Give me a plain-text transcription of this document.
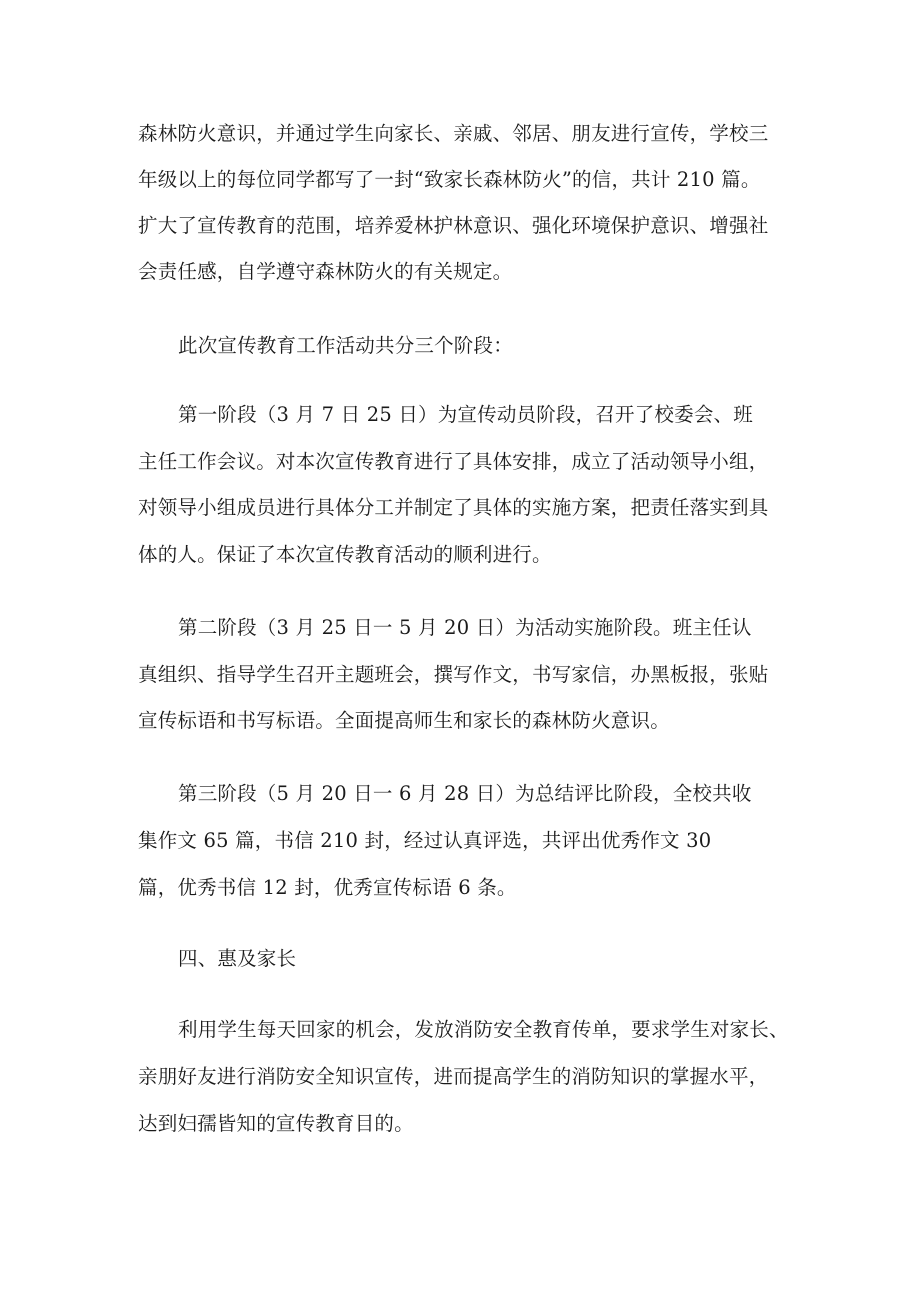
森林防火意识，并通过学生向家长、亲戚、邻居、朋友进行宣传，学校三
年级以上的每位同学都写了一封“致家长森林防火”的信，共计 210 篇。
扩大了宣传教育的范围，培养爱林护林意识、强化环境保护意识、增强社
会责任感，自学遵守森林防火的有关规定。
此次宣传教育工作活动共分三个阶段：
第一阶段（3 月 7 日 25 日）为宣传动员阶段，召开了校委会、班
主任工作会议。对本次宣传教育进行了具体安排，成立了活动领导小组，
对领导小组成员进行具体分工并制定了具体的实施方案，把责任落实到具
体的人。保证了本次宣传教育活动的顺利进行。
第二阶段（3 月 25 日一 5 月 20 日）为活动实施阶段。班主任认
真组织、指导学生召开主题班会，撰写作文，书写家信，办黑板报，张贴
宣传标语和书写标语。全面提高师生和家长的森林防火意识。
第三阶段（5 月 20 日一 6 月 28 日）为总结评比阶段，全校共收
集作文 65 篇，书信 210 封，经过认真评选，共评出优秀作文 30
篇，优秀书信 12 封，优秀宣传标语 6 条。
四、惠及家长
利用学生每天回家的机会，发放消防安全教育传单，要求学生对家长、
亲朋好友进行消防安全知识宣传，进而提高学生的消防知识的掌握水平，
达到妇孺皆知的宣传教育目的。
